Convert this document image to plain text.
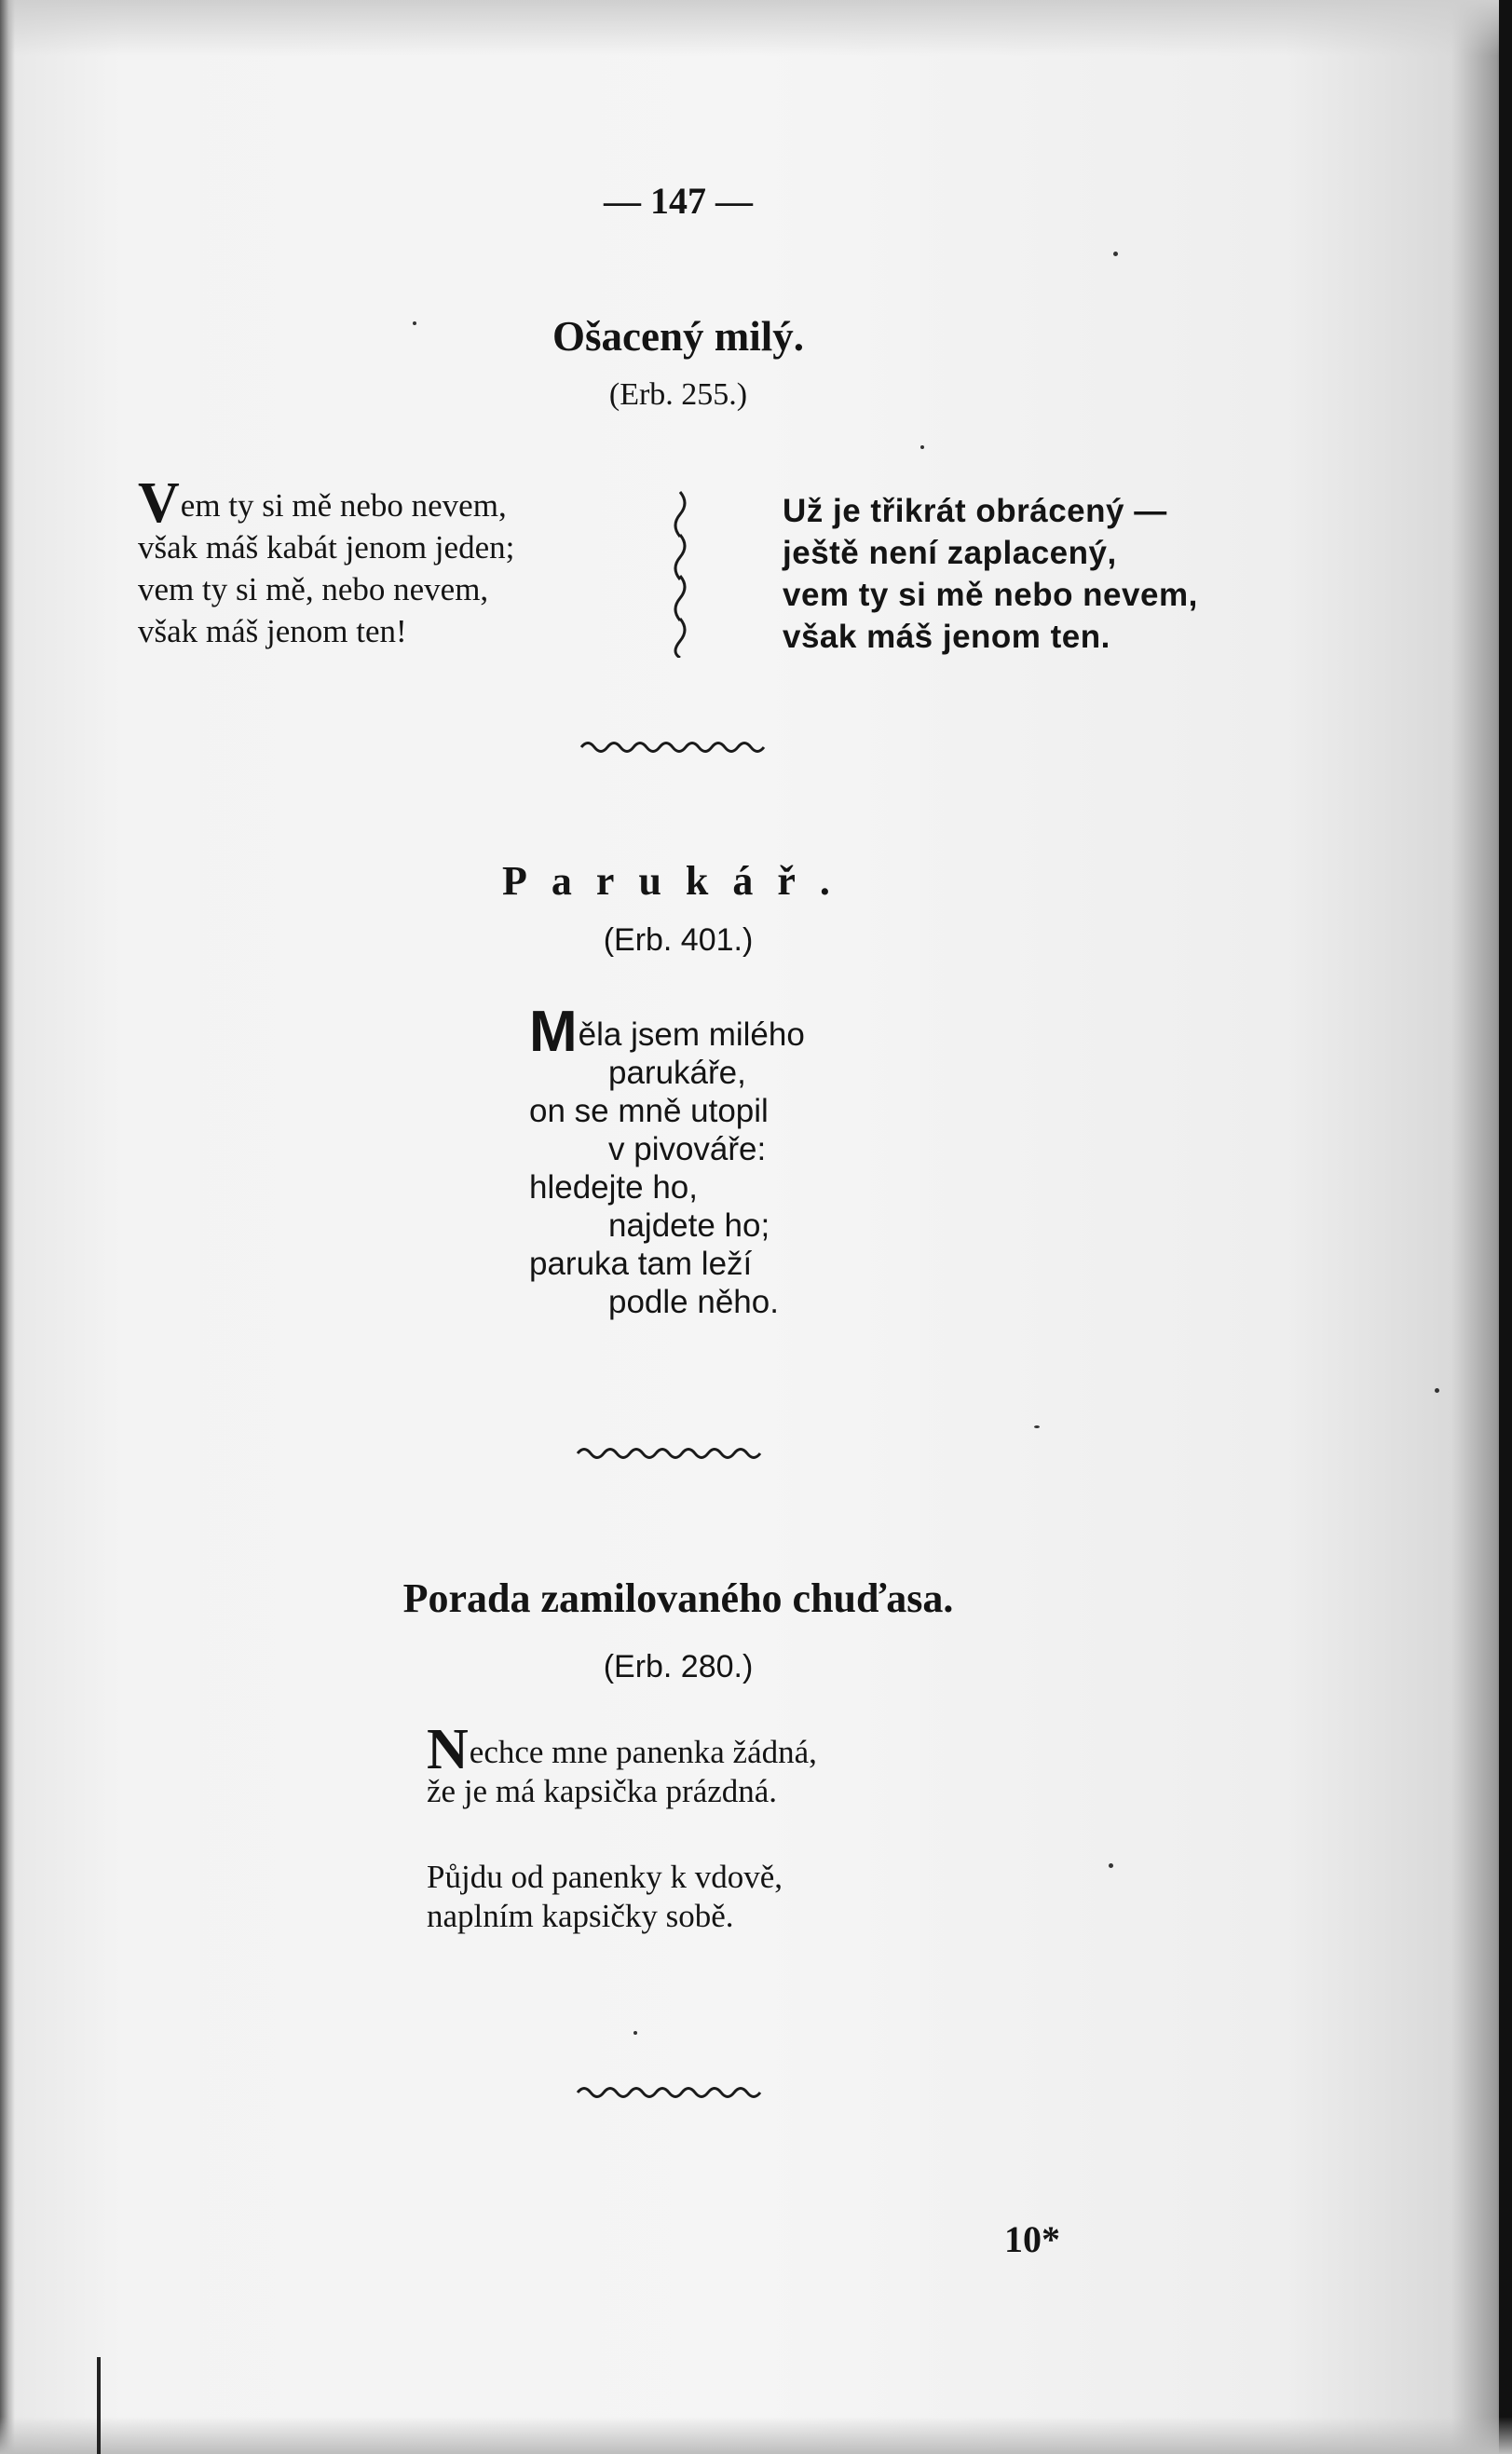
— 147 —
Ošacený milý.
(Erb. 255.)
Vem ty si mě nebo nevem,
však máš kabát jenom jeden;
vem ty si mě, nebo nevem,
však máš jenom ten!
Už je třikrát obrácený —
ještě není zaplacený,
vem ty si mě nebo nevem,
však máš jenom ten.
Parukář.
(Erb. 401.)
Měla jsem milého
parukáře,
on se mně utopil
v pivováře:
hledejte ho,
najdete ho;
paruka tam leží
podle něho.
Porada zamilovaného chuďasa.
(Erb. 280.)
Nechce mne panenka žádná,
že je má kapsička prázdná.
Půjdu od panenky k vdově,
naplním kapsičky sobě.
10*
